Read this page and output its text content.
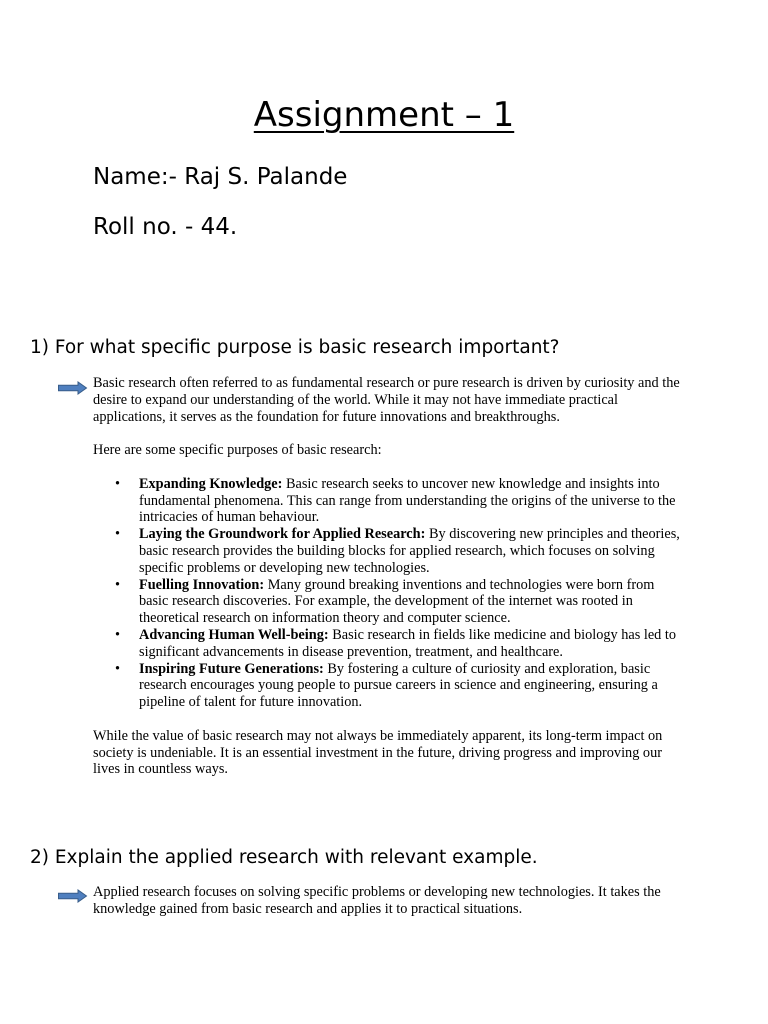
Assignment – 1

Name:- Raj S. Palande

Roll no. - 44.

1) For what specific purpose is basic research important?

Basic research often referred to as fundamental research or pure research is driven by curiosity and the desire to expand our understanding of the world. While it may not have immediate practical applications, it serves as the foundation for future innovations and breakthroughs.

Here are some specific purposes of basic research:

• Expanding Knowledge: Basic research seeks to uncover new knowledge and insights into fundamental phenomena. This can range from understanding the origins of the universe to the intricacies of human behaviour.
• Laying the Groundwork for Applied Research: By discovering new principles and theories, basic research provides the building blocks for applied research, which focuses on solving specific problems or developing new technologies.
• Fuelling Innovation: Many ground breaking inventions and technologies were born from basic research discoveries. For example, the development of the internet was rooted in theoretical research on information theory and computer science.
• Advancing Human Well-being: Basic research in fields like medicine and biology has led to significant advancements in disease prevention, treatment, and healthcare.
• Inspiring Future Generations: By fostering a culture of curiosity and exploration, basic research encourages young people to pursue careers in science and engineering, ensuring a pipeline of talent for future innovation.

While the value of basic research may not always be immediately apparent, its long-term impact on society is undeniable. It is an essential investment in the future, driving progress and improving our lives in countless ways.

2) Explain the applied research with relevant example.

Applied research focuses on solving specific problems or developing new technologies. It takes the knowledge gained from basic research and applies it to practical situations.
